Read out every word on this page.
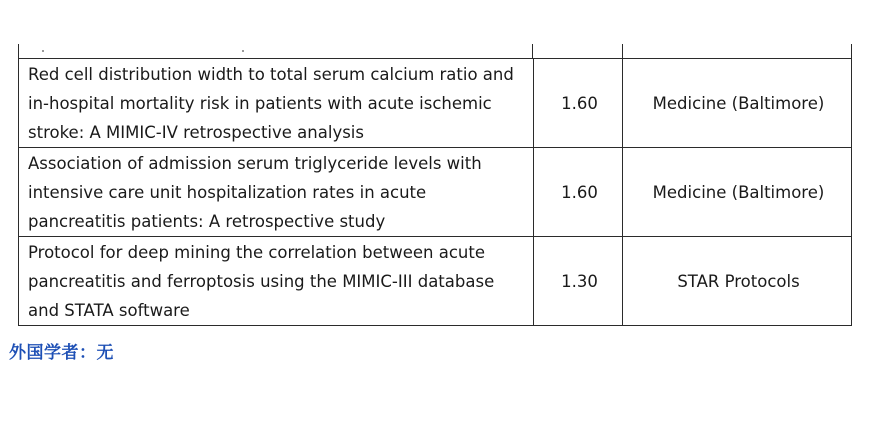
Red cell distribution width to total serum calcium ratio and in-hospital mortality risk in patients with acute ischemic stroke: A MIMIC-IV retrospective analysis	1.60	Medicine (Baltimore)
Association of admission serum triglyceride levels with intensive care unit hospitalization rates in acute pancreatitis patients: A retrospective study	1.60	Medicine (Baltimore)
Protocol for deep mining the correlation between acute pancreatitis and ferroptosis using the MIMIC-III database and STATA software	1.30	STAR Protocols
外国学者：无
